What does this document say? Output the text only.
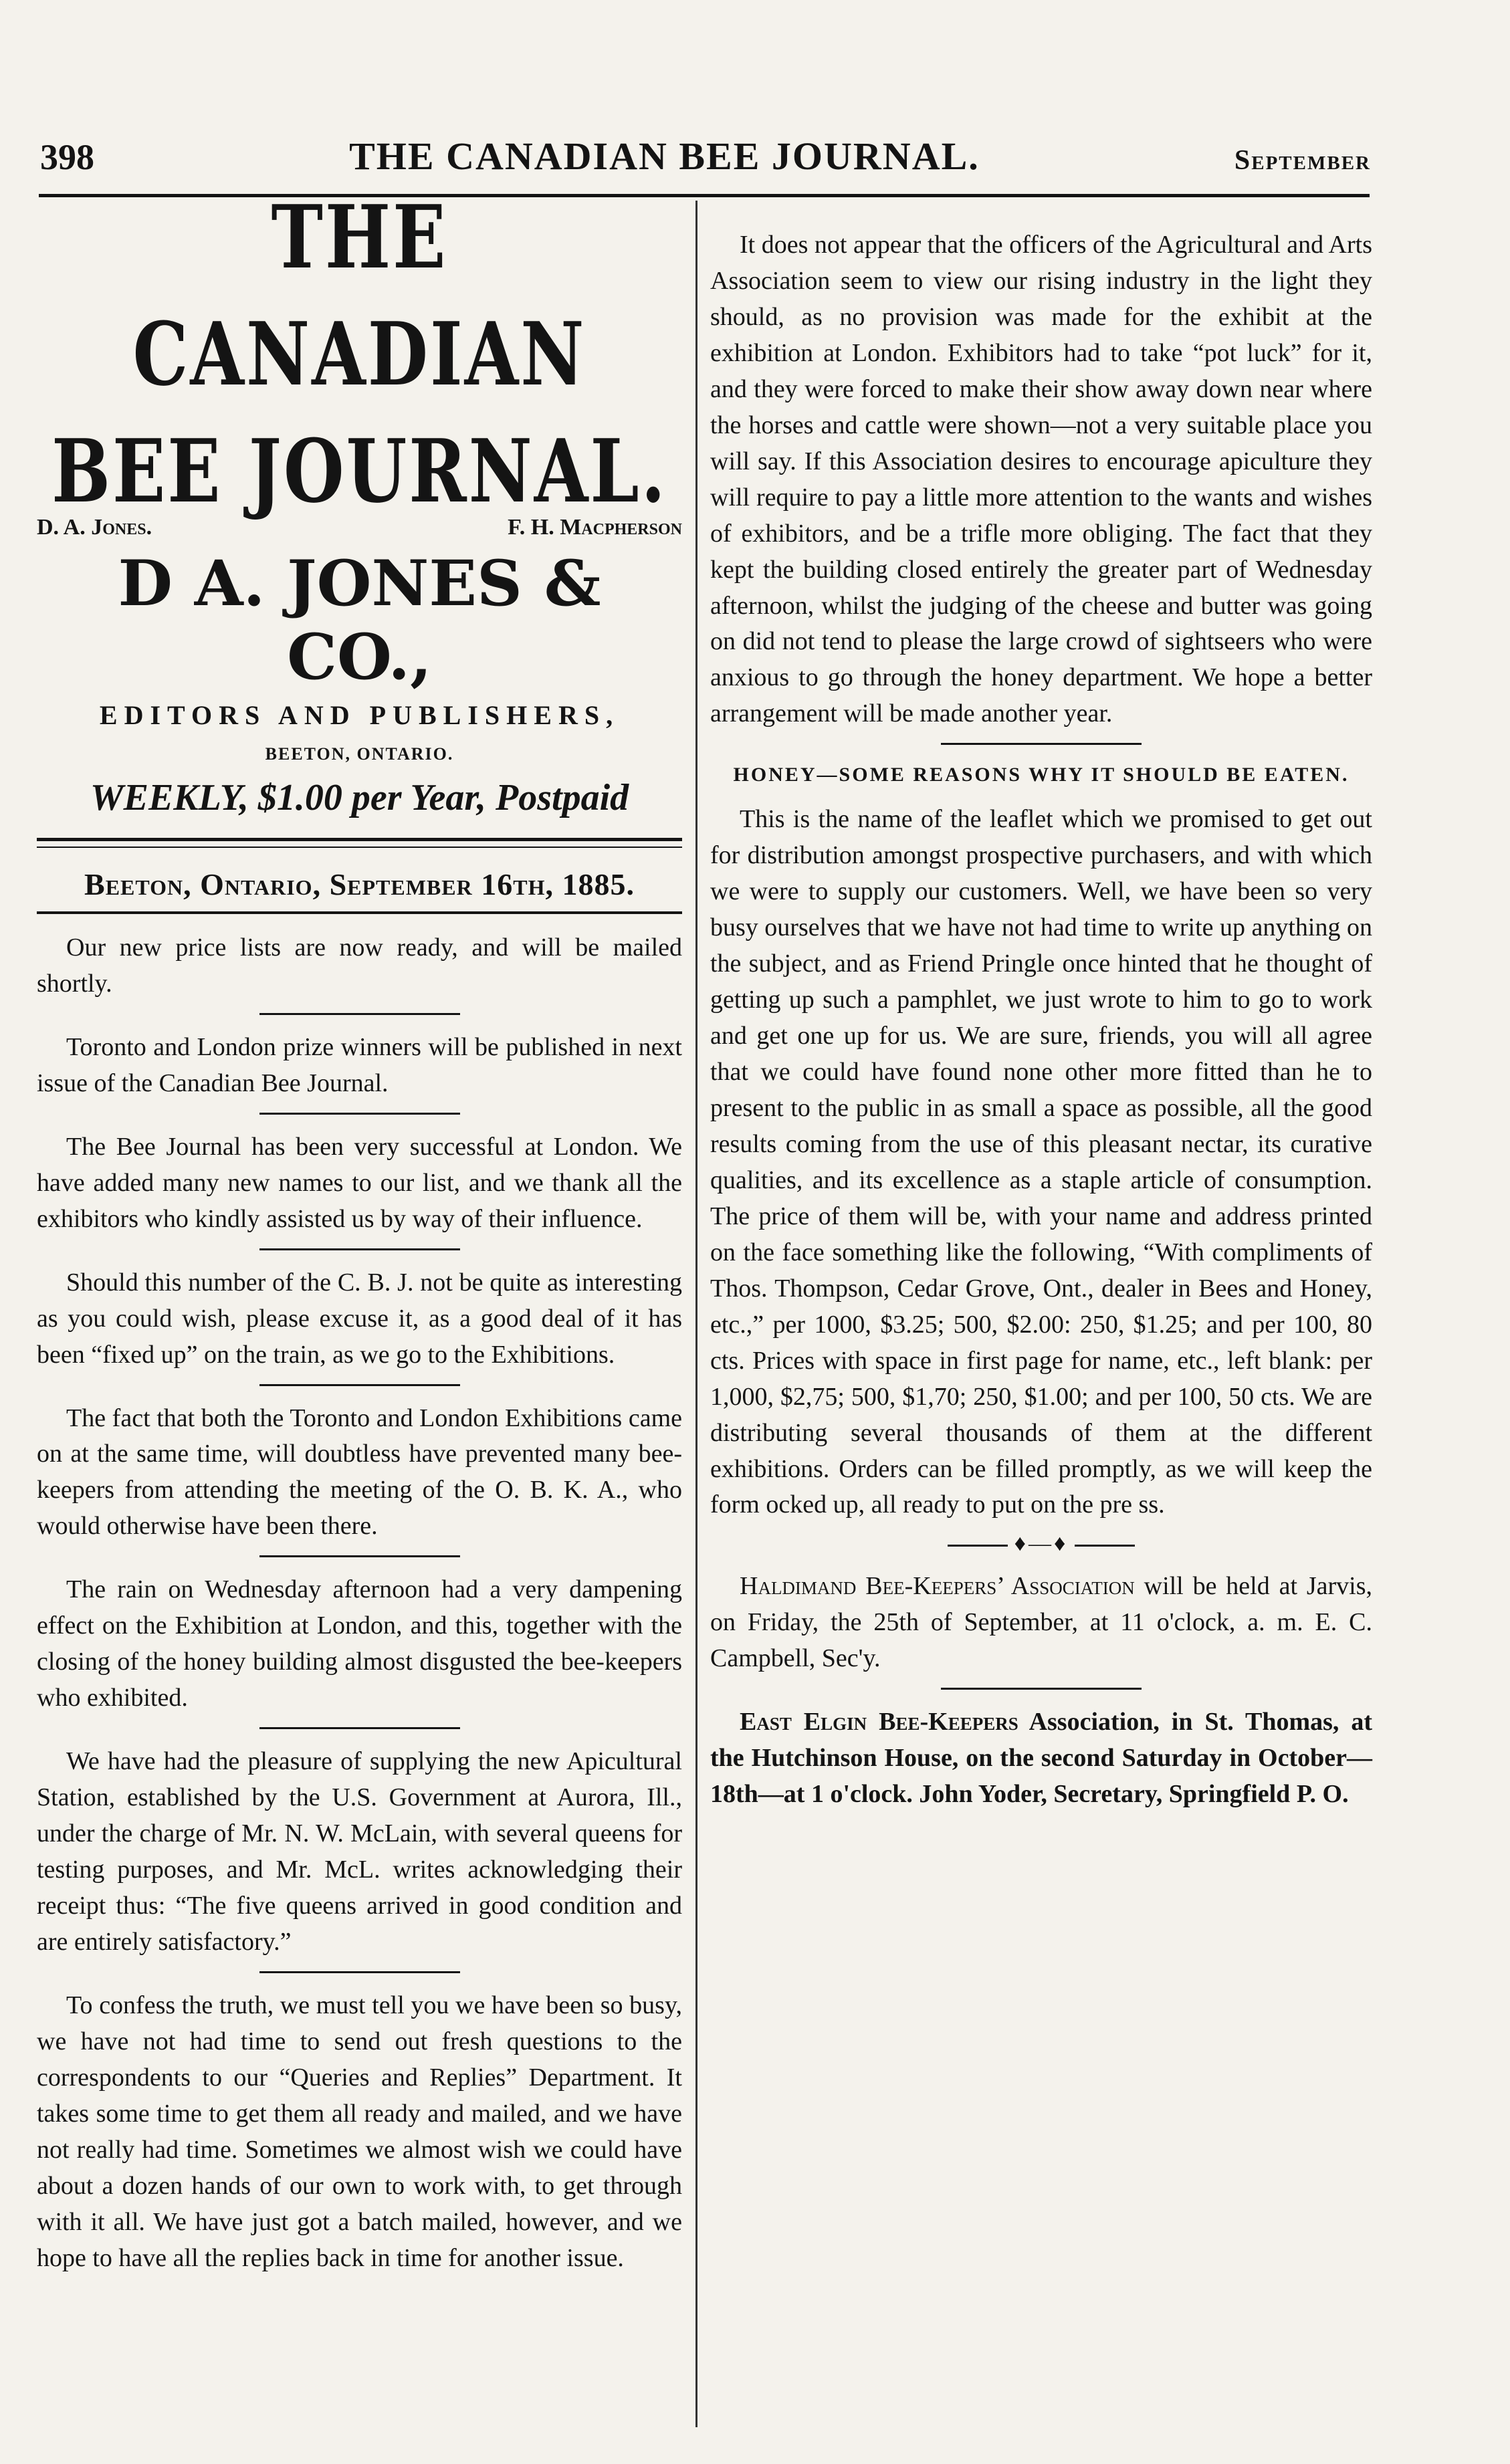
398	THE CANADIAN BEE JOURNAL.	September
THE CANADIAN BEE JOURNAL.
D. A. Jones.	F. H. Macpherson
D A. JONES & CO.,
EDITORS AND PUBLISHERS,
BEETON, ONTARIO.
WEEKLY, $1.00 per Year, Postpaid
Beeton, Ontario, September 16th, 1885.

Our new price lists are now ready, and will be mailed shortly.

Toronto and London prize winners will be published in next issue of the Canadian Bee Journal.

The Bee Journal has been very successful at London. We have added many new names to our list, and we thank all the exhibitors who kindly assisted us by way of their influence.

Should this number of the C. B. J. not be quite as interesting as you could wish, please excuse it, as a good deal of it has been “fixed up” on the train, as we go to the Exhibitions.

The fact that both the Toronto and London Exhibitions came on at the same time, will doubtless have prevented many bee-keepers from attending the meeting of the O. B. K. A., who would otherwise have been there.

The rain on Wednesday afternoon had a very dampening effect on the Exhibition at London, and this, together with the closing of the honey building almost disgusted the bee-keepers who exhibited.

We have had the pleasure of supplying the new Apicultural Station, established by the U.S. Government at Aurora, Ill., under the charge of Mr. N. W. McLain, with several queens for testing purposes, and Mr. McL. writes acknowledging their receipt thus: “The five queens arrived in good condition and are entirely satisfactory.”

To confess the truth, we must tell you we have been so busy, we have not had time to send out fresh questions to the correspondents to our “Queries and Replies” Department. It takes some time to get them all ready and mailed, and we have not really had time. Sometimes we almost wish we could have about a dozen hands of our own to work with, to get through with it all. We have just got a batch mailed, however, and we hope to have all the replies back in time for another issue.

It does not appear that the officers of the Agricultural and Arts Association seem to view our rising industry in the light they should, as no provision was made for the exhibit at the exhibition at London. Exhibitors had to take “pot luck” for it, and they were forced to make their show away down near where the horses and cattle were shown—not a very suitable place you will say. If this Association desires to encourage apiculture they will require to pay a little more attention to the wants and wishes of exhibitors, and be a trifle more obliging. The fact that they kept the building closed entirely the greater part of Wednesday afternoon, whilst the judging of the cheese and butter was going on did not tend to please the large crowd of sightseers who were anxious to go through the honey department. We hope a better arrangement will be made another year.

HONEY—SOME REASONS WHY IT SHOULD BE EATEN.

This is the name of the leaflet which we promised to get out for distribution amongst prospective purchasers, and with which we were to supply our customers. Well, we have been so very busy ourselves that we have not had time to write up anything on the subject, and as Friend Pringle once hinted that he thought of getting up such a pamphlet, we just wrote to him to go to work and get one up for us. We are sure, friends, you will all agree that we could have found none other more fitted than he to present to the public in as small a space as possible, all the good results coming from the use of this pleasant nectar, its curative qualities, and its excellence as a staple article of consumption. The price of them will be, with your name and address printed on the face something like the following, “With compliments of Thos. Thompson, Cedar Grove, Ont., dealer in Bees and Honey, etc.,” per 1000, $3.25; 500, $2.00: 250, $1.25; and per 100, 80 cts. Prices with space in first page for name, etc., left blank: per 1,000, $2,75; 500, $1,70; 250, $1.00; and per 100, 50 cts. We are distributing several thousands of them at the different exhibitions. Orders can be filled promptly, as we will keep the form ocked up, all ready to put on the pre ss.

♦—♦

Haldimand Bee-Keepers’ Association will be held at Jarvis, on Friday, the 25th of September, at 11 o'clock, a. m. E. C. Campbell, Sec'y.

East Elgin Bee-Keepers Association, in St. Thomas, at the Hutchinson House, on the second Saturday in October—18th—at 1 o'clock. John Yoder, Secretary, Springfield P. O.
